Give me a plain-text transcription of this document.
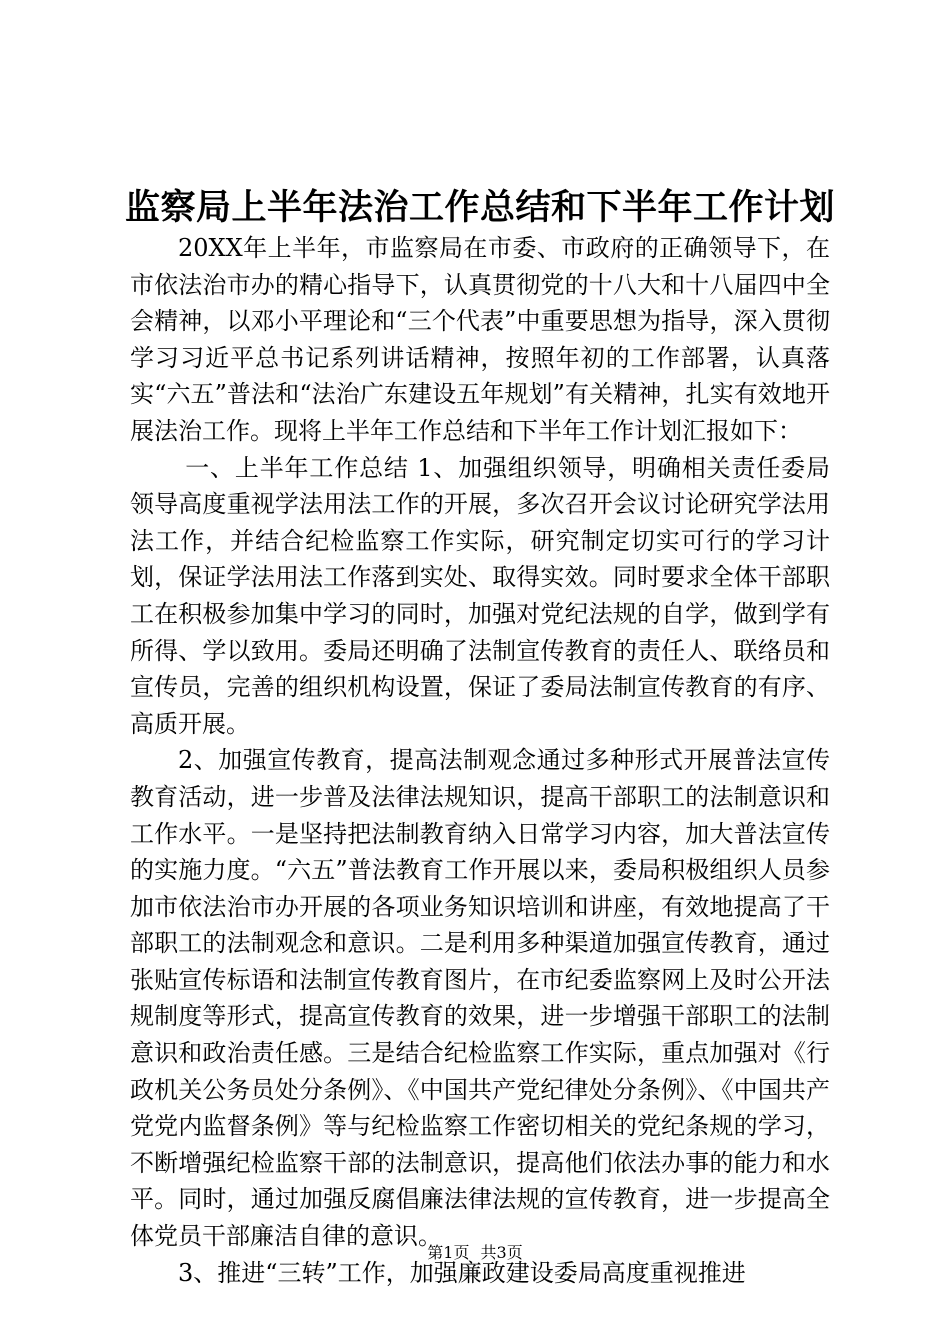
监察局上半年法治工作总结和下半年工作计划

20XX年上半年，市监察局在市委、市政府的正确领导下，在市依法治市办的精心指导下，认真贯彻党的十八大和十八届四中全会精神，以邓小平理论和“三个代表”中重要思想为指导，深入贯彻学习习近平总书记系列讲话精神，按照年初的工作部署，认真落实“六五”普法和“法治广东建设五年规划”有关精神，扎实有效地开展法治工作。现将上半年工作总结和下半年工作计划汇报如下：

一、上半年工作总结 1、加强组织领导，明确相关责任委局领导高度重视学法用法工作的开展，多次召开会议讨论研究学法用法工作，并结合纪检监察工作实际，研究制定切实可行的学习计划，保证学法用法工作落到实处、取得实效。同时要求全体干部职工在积极参加集中学习的同时，加强对党纪法规的自学，做到学有所得、学以致用。委局还明确了法制宣传教育的责任人、联络员和宣传员，完善的组织机构设置，保证了委局法制宣传教育的有序、高质开展。

2、加强宣传教育，提高法制观念通过多种形式开展普法宣传教育活动，进一步普及法律法规知识，提高干部职工的法制意识和工作水平。一是坚持把法制教育纳入日常学习内容，加大普法宣传的实施力度。“六五”普法教育工作开展以来，委局积极组织人员参加市依法治市办开展的各项业务知识培训和讲座，有效地提高了干部职工的法制观念和意识。二是利用多种渠道加强宣传教育，通过张贴宣传标语和法制宣传教育图片，在市纪委监察网上及时公开法规制度等形式，提高宣传教育的效果，进一步增强干部职工的法制意识和政治责任感。三是结合纪检监察工作实际，重点加强对《行政机关公务员处分条例》、《中国共产党纪律处分条例》、《中国共产党党内监督条例》等与纪检监察工作密切相关的党纪条规的学习，不断增强纪检监察干部的法制意识，提高他们依法办事的能力和水平。同时，通过加强反腐倡廉法律法规的宣传教育，进一步提高全体党员干部廉洁自律的意识。

3、推进“三转”工作，加强廉政建设委局高度重视推进

第1页 共3页
